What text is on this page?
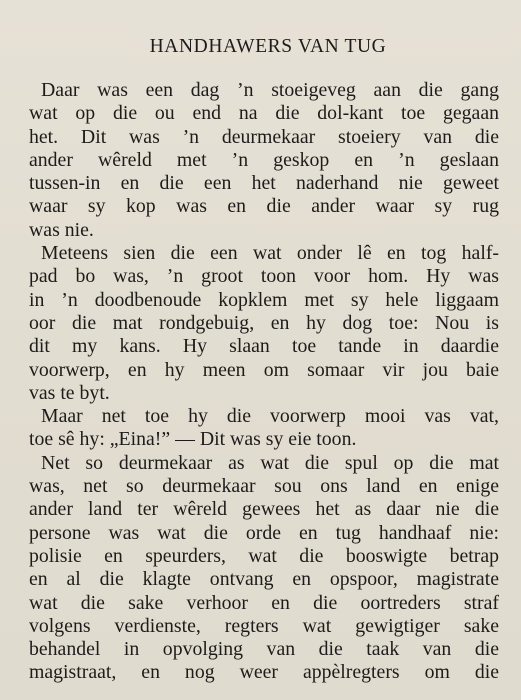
HANDHAWERS VAN TUG
Daar was een dag ’n stoeigeveg aan die gang
wat op die ou end na die dol-kant toe gegaan
het. Dit was ’n deurmekaar stoeiery van die
ander wêreld met ’n geskop en ’n geslaan
tussen-in en die een het naderhand nie geweet
waar sy kop was en die ander waar sy rug
was nie.
Meteens sien die een wat onder lê en tog half-
pad bo was, ’n groot toon voor hom. Hy was
in ’n doodbenoude kopklem met sy hele liggaam
oor die mat rondgebuig, en hy dog toe: Nou is
dit my kans. Hy slaan toe tande in daardie
voorwerp, en hy meen om somaar vir jou baie
vas te byt.
Maar net toe hy die voorwerp mooi vas vat,
toe sê hy: „Eina!” — Dit was sy eie toon.
Net so deurmekaar as wat die spul op die mat
was, net so deurmekaar sou ons land en enige
ander land ter wêreld gewees het as daar nie die
persone was wat die orde en tug handhaaf nie:
polisie en speurders, wat die booswigte betrap
en al die klagte ontvang en opspoor, magistrate
wat die sake verhoor en die oortreders straf
volgens verdienste, regters wat gewigtiger sake
behandel in opvolging van die taak van die
magistraat, en nog weer appèlregters om die
